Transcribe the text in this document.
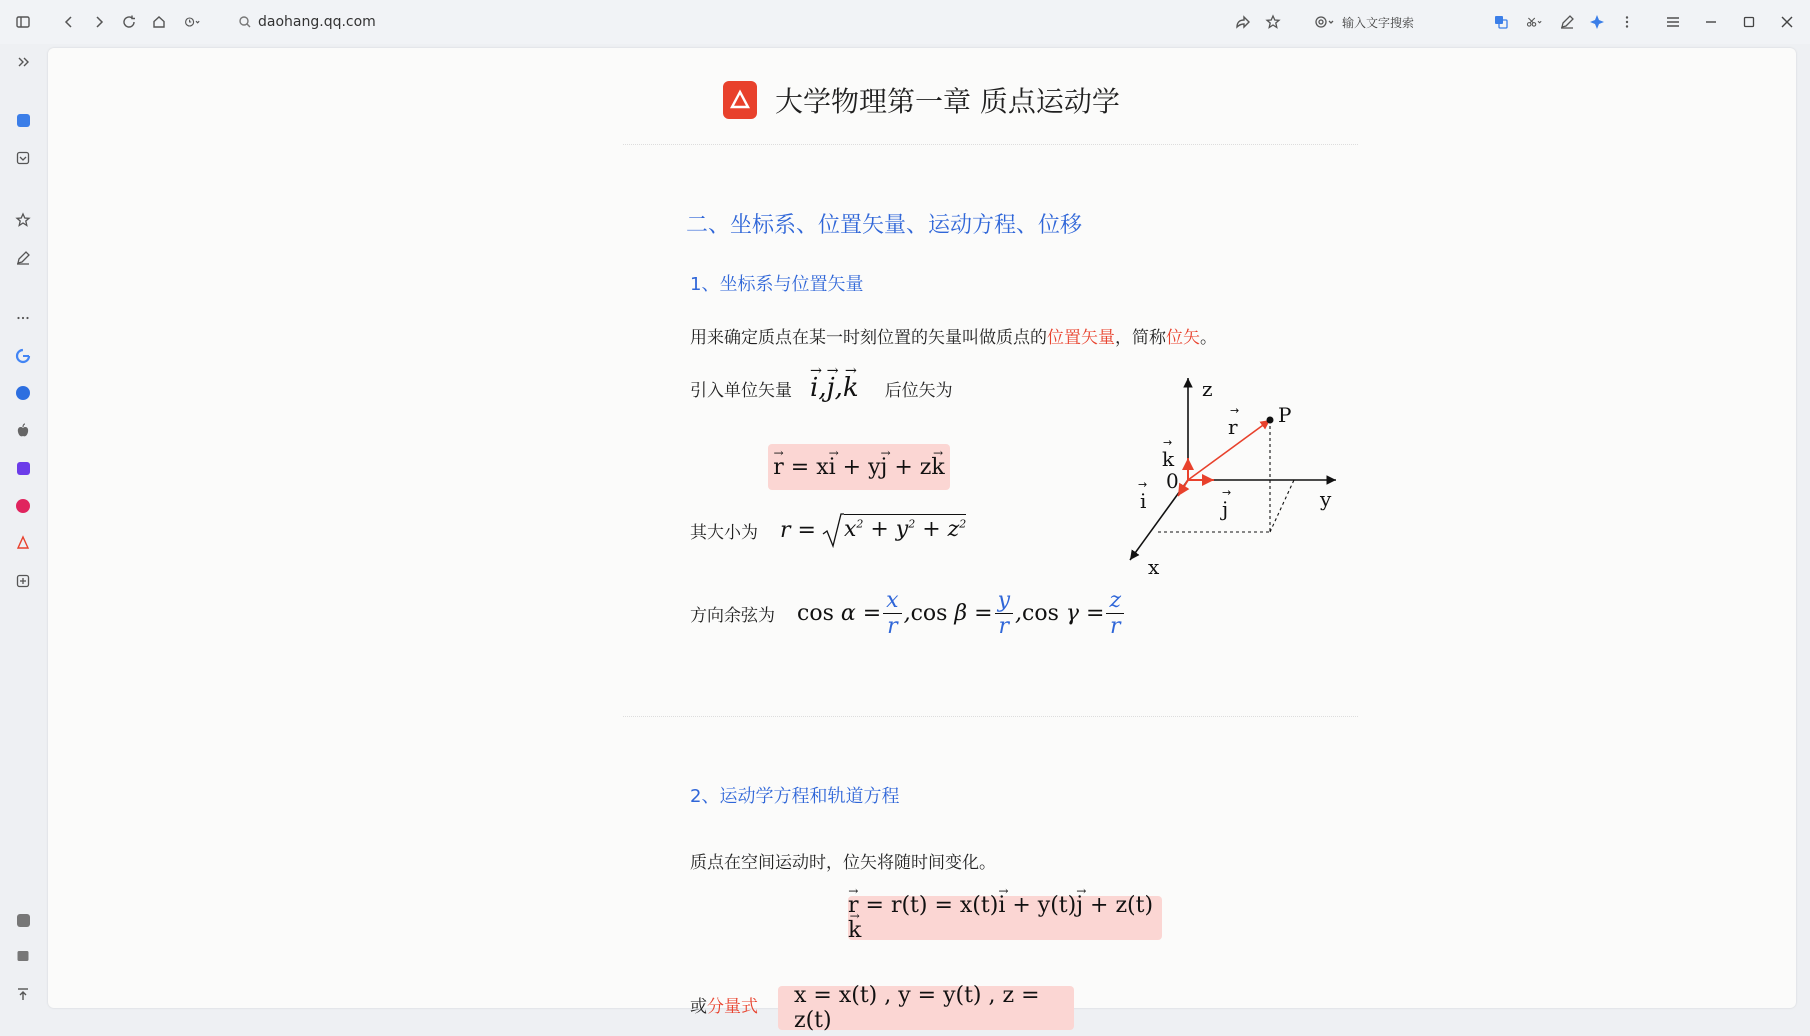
daohang.qq.com	输入文字搜索
大学物理第一章 质点运动学
二、坐标系、位置矢量、运动方程、位移
1、坐标系与位置矢量
用来确定质点在某一时刻位置的矢量叫做质点的位置矢量，简称位矢。
引入单位矢量
→ i,→ j,→ k 后位矢为
→ r = x→ i + y→ j + z→ k
其大小为 $r = x^2 + y^2 + z^2$
方向余弦为 $\cos \alpha = \frac{x}{r}$ , $\cos \beta = \frac{y}{r}$ , $\cos \gamma = \frac{z}{r}$
z
y
x
0
P
r
→
k
→
j
→
i
→
2、运动学方程和轨道方程
质点在空间运动时，位矢将随时间变化。
→ r = r(t) = x(t)→ i + y(t)→ j + z(t)→ k
或 分量式 x = x(t) , y = y(t) , z = z(t)
